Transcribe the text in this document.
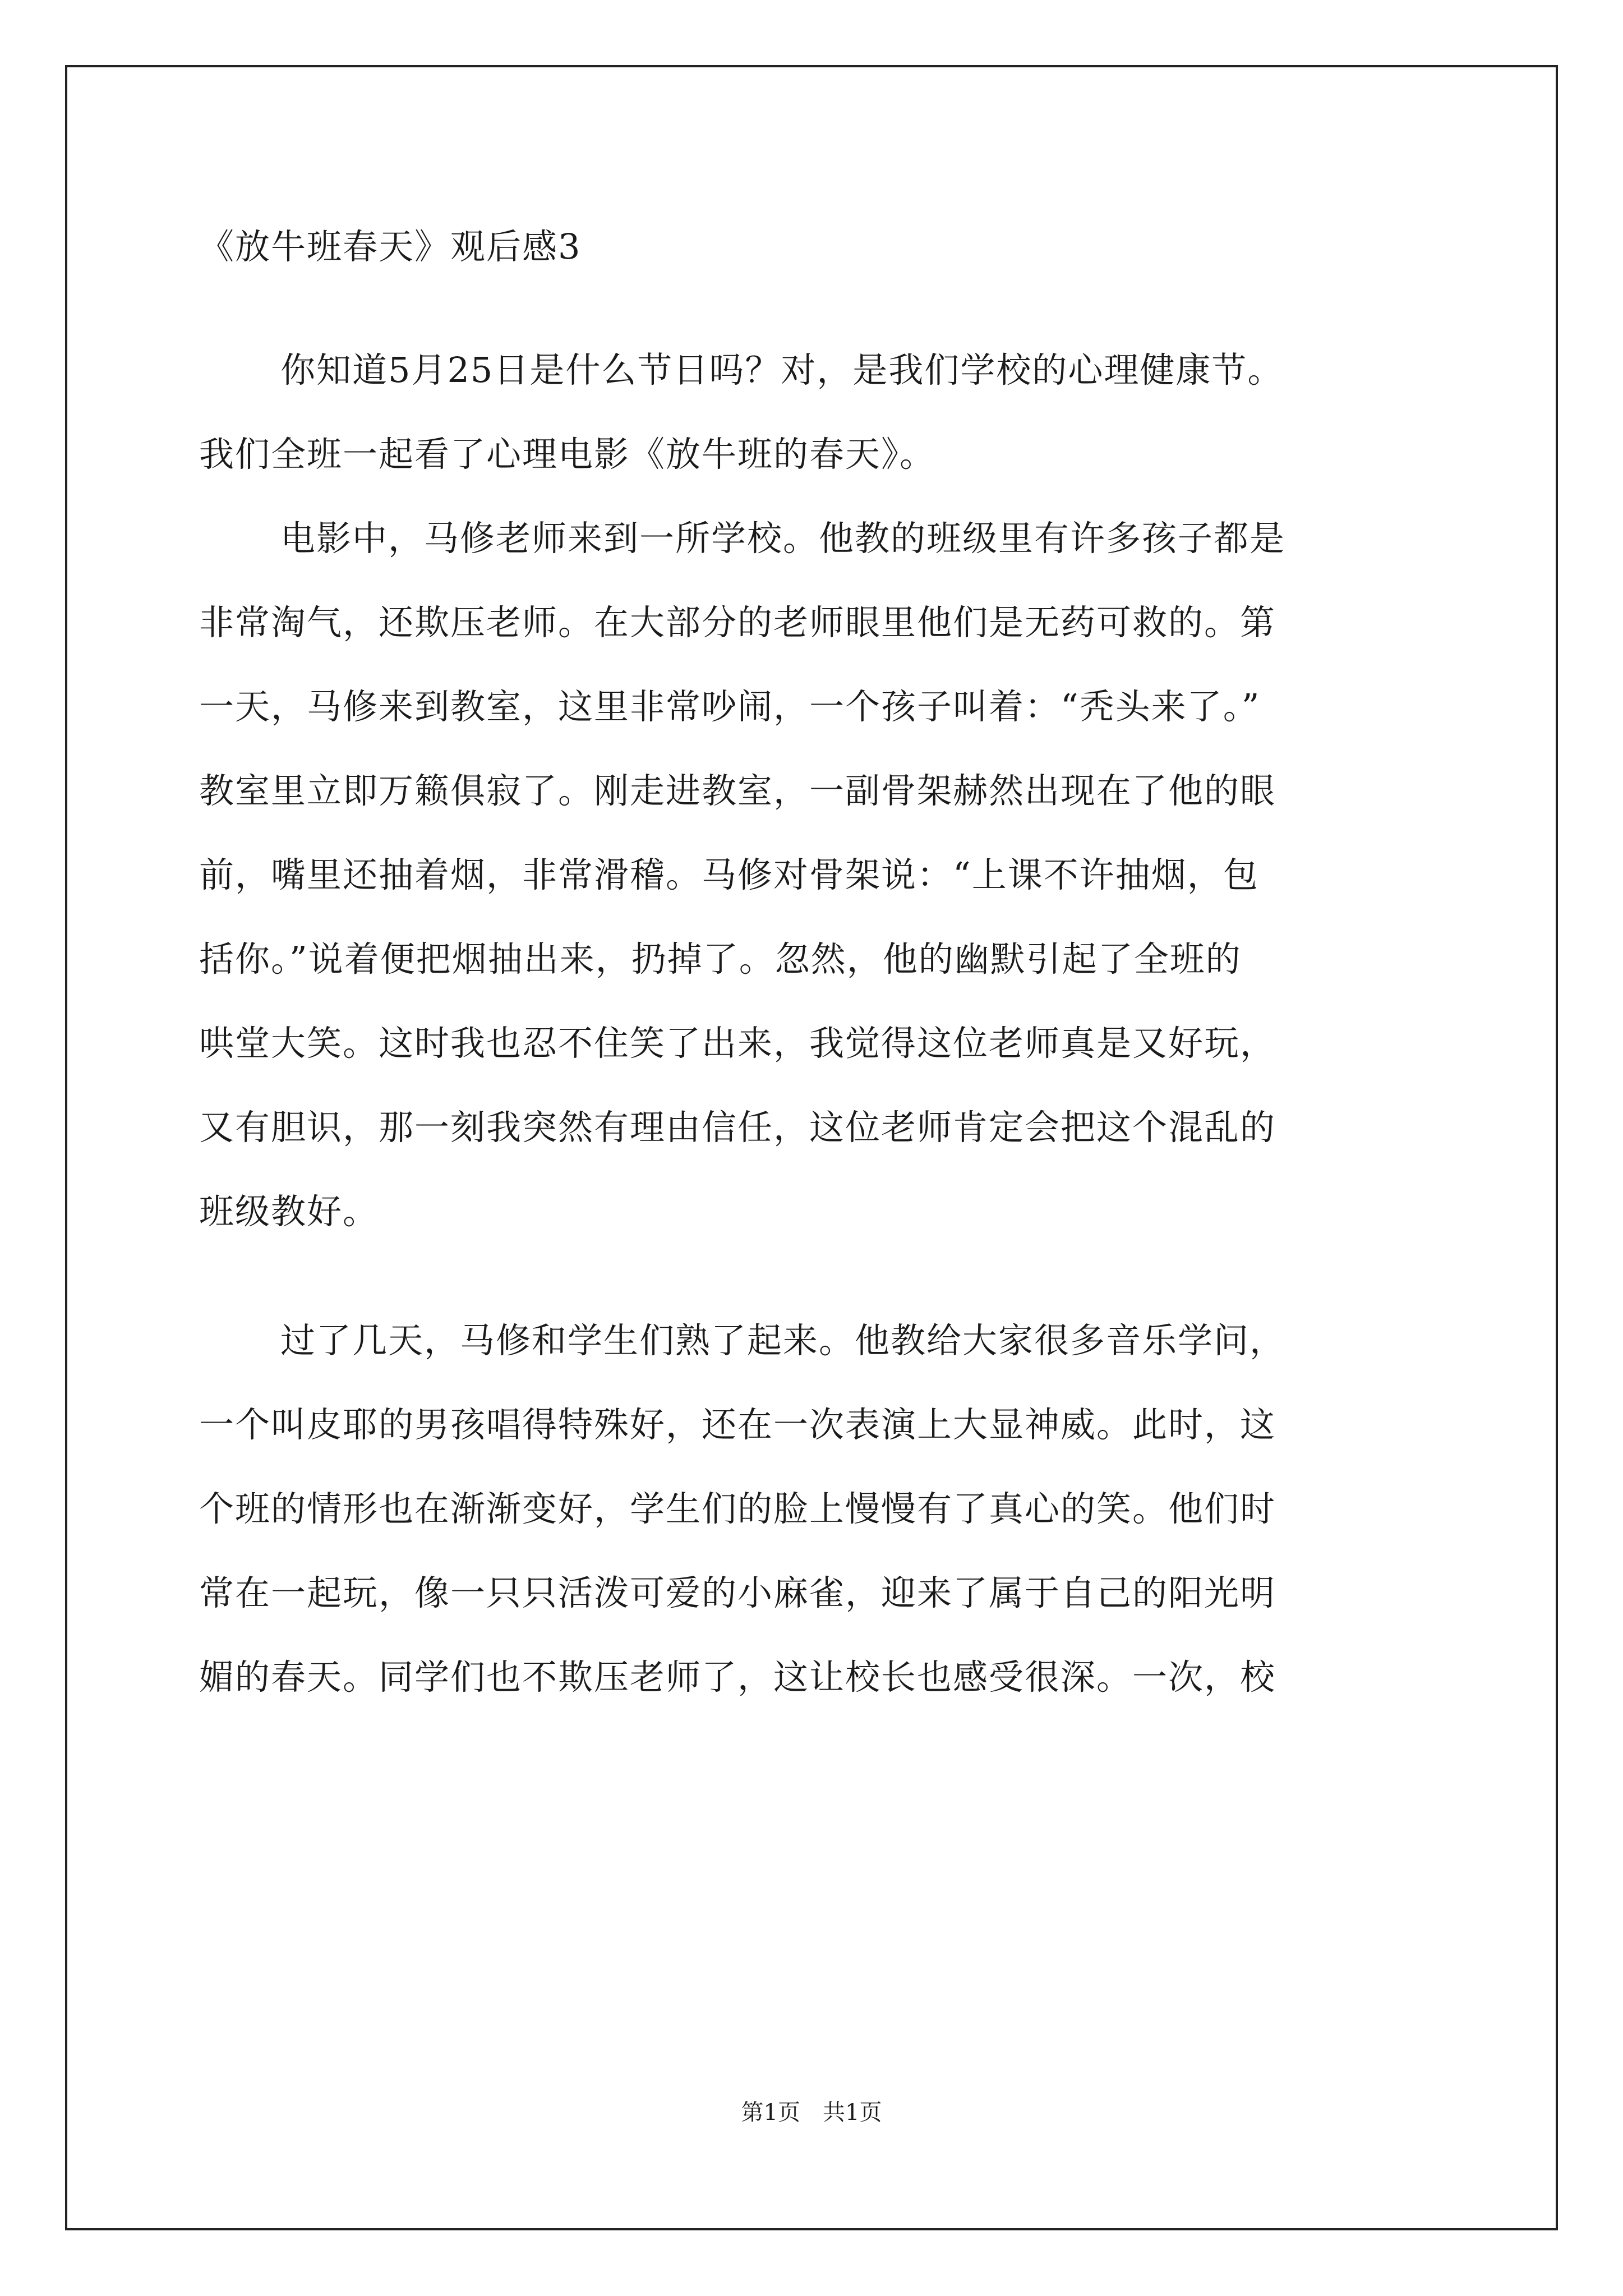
《放牛班春天》观后感3
你知道5月25日是什么节日吗？对，是我们学校的心理健康节。
我们全班一起看了心理电影《放牛班的春天》。
电影中，马修老师来到一所学校。他教的班级里有许多孩子都是
非常淘气，还欺压老师。在大部分的老师眼里他们是无药可救的。第
一天，马修来到教室，这里非常吵闹，一个孩子叫着：“秃头来了。”
教室里立即万籁俱寂了。刚走进教室，一副骨架赫然出现在了他的眼
前，嘴里还抽着烟，非常滑稽。马修对骨架说：“上课不许抽烟，包
括你。”说着便把烟抽出来，扔掉了。忽然，他的幽默引起了全班的
哄堂大笑。这时我也忍不住笑了出来，我觉得这位老师真是又好玩，
又有胆识，那一刻我突然有理由信任，这位老师肯定会把这个混乱的
班级教好。
过了几天，马修和学生们熟了起来。他教给大家很多音乐学问，
一个叫皮耶的男孩唱得特殊好，还在一次表演上大显神威。此时，这
个班的情形也在渐渐变好，学生们的脸上慢慢有了真心的笑。他们时
常在一起玩，像一只只活泼可爱的小麻雀，迎来了属于自己的阳光明
媚的春天。同学们也不欺压老师了，这让校长也感受很深。一次，校
第1页　共1页
